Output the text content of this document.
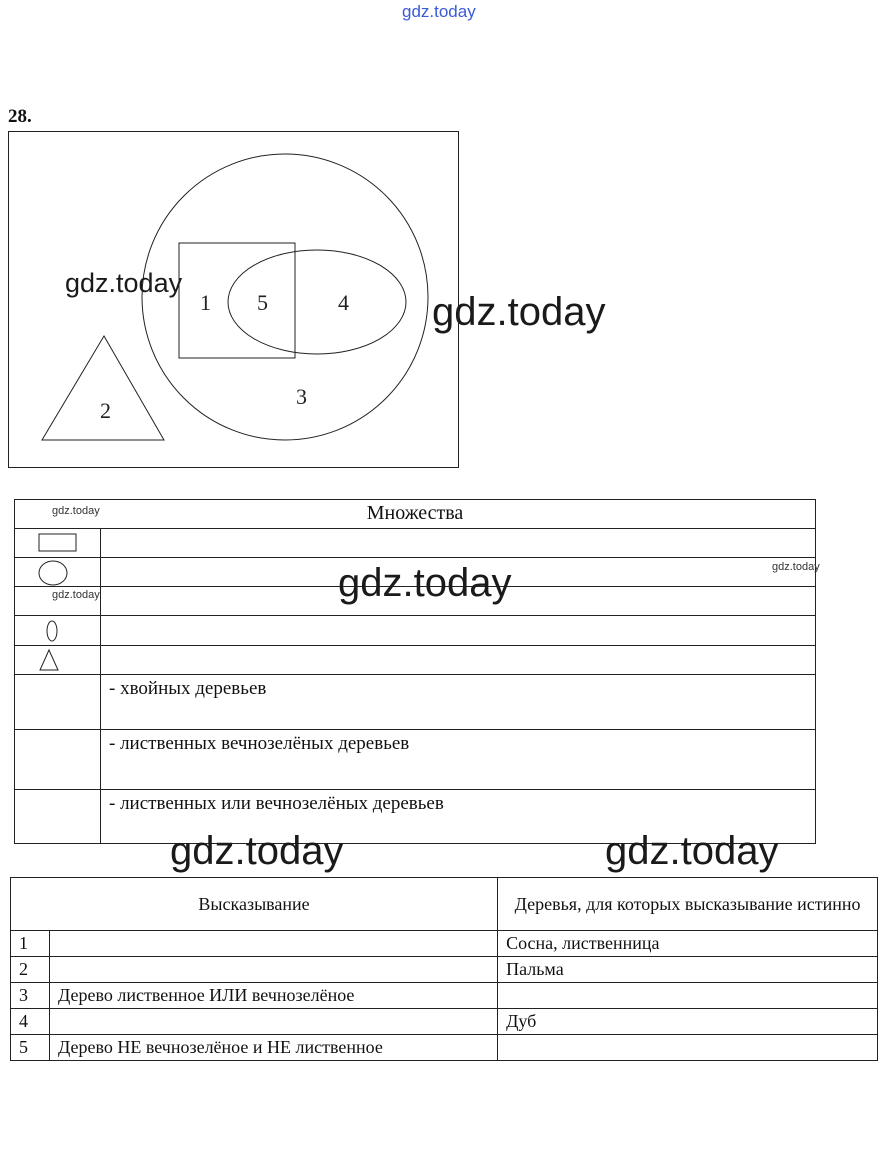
gdz.today
gdz.today
gdz.today
28.
1
2
3
4
5
Множества
- хвойных деревьев
- лиственных вечнозелёных деревьев
- лиственных или вечнозелёных деревьев
gdz.today
gdz.today
gdz.today
gdz.today
gdz.today	gdz.today
Высказывание		Деревья, для которых высказывание истинно
1		Сосна, лиственница
2		Пальма
3	Дерево лиственное ИЛИ вечнозелёное	
4		Дуб
5	Дерево НЕ вечнозелёное и НЕ лиственное	
